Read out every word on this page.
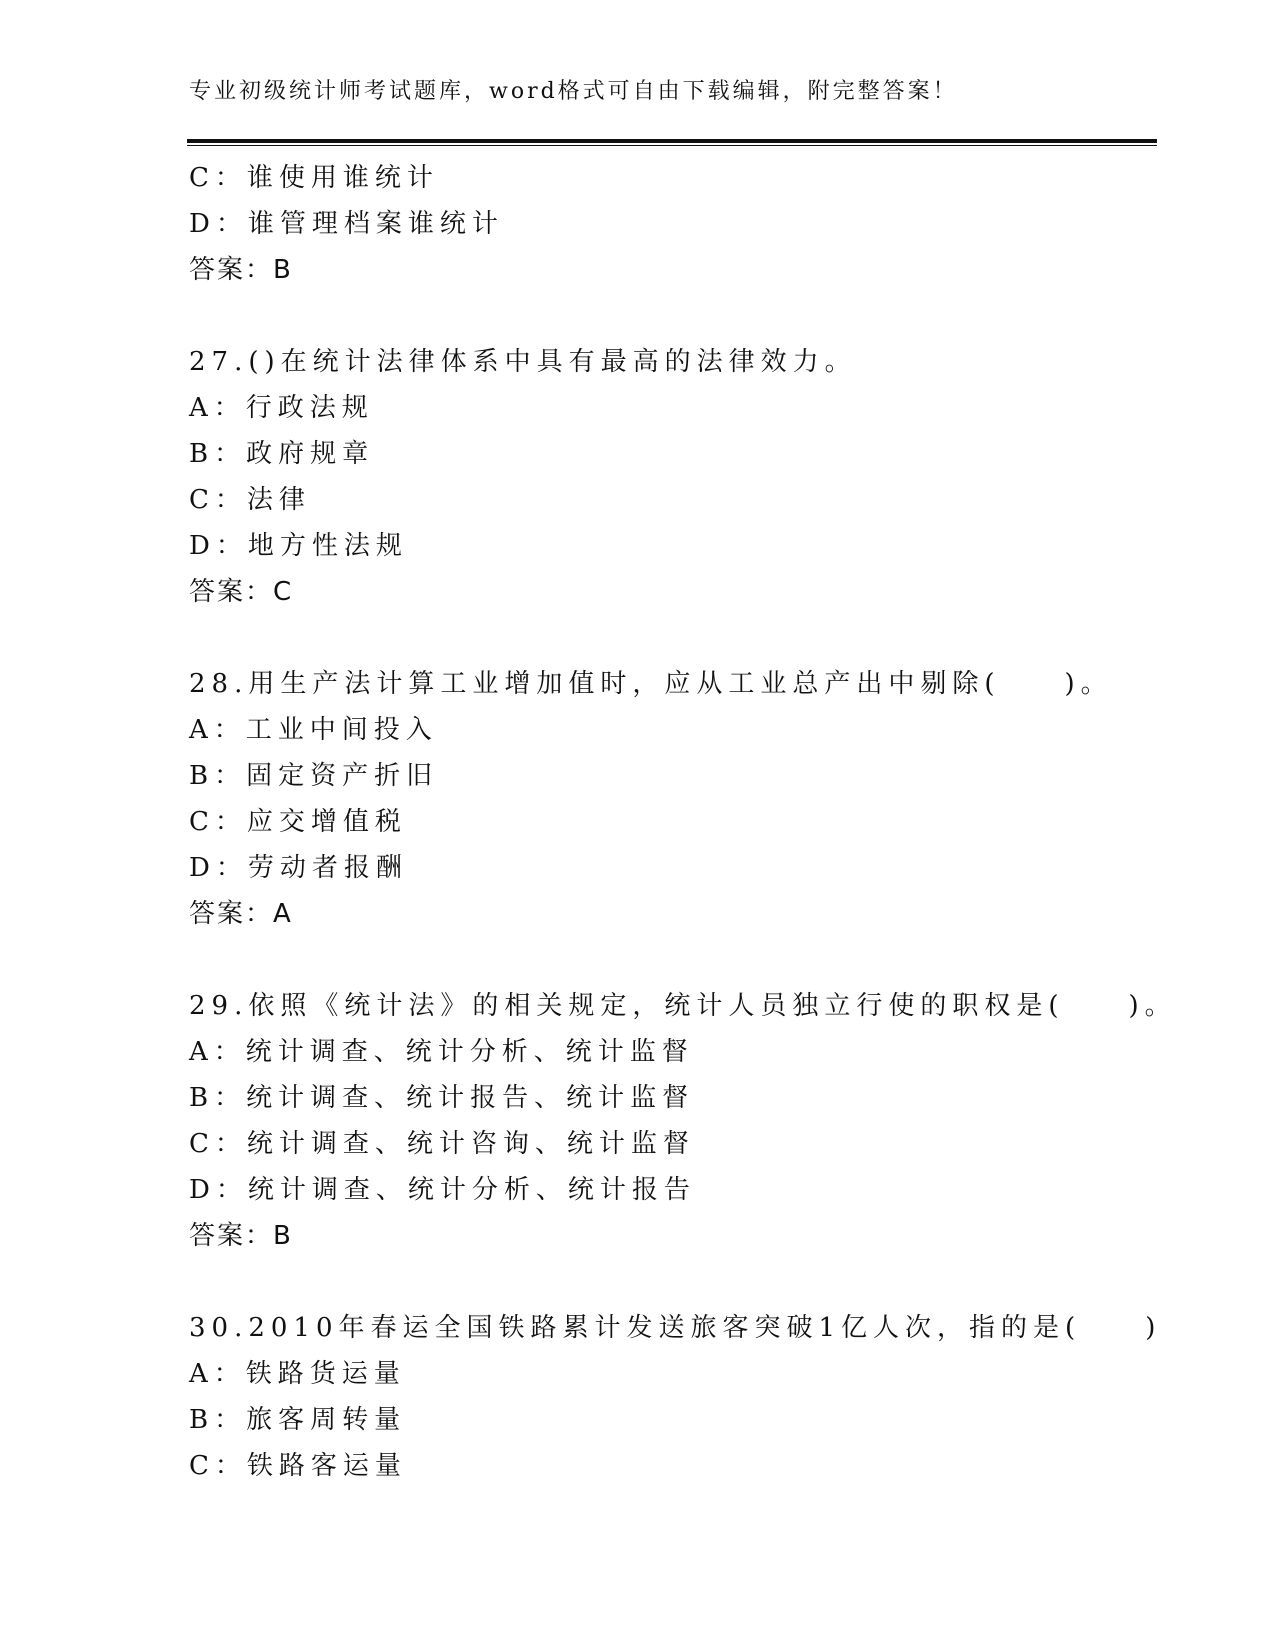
专业初级统计师考试题库，word格式可自由下载编辑，附完整答案！
C：谁使用谁统计
D：谁管理档案谁统计
答案：B
27.()在统计法律体系中具有最高的法律效力。
A：行政法规
B：政府规章
C：法律
D：地方性法规
答案：C
28.用生产法计算工业增加值时，应从工业总产出中剔除(　　)。
A：工业中间投入
B：固定资产折旧
C：应交增值税
D：劳动者报酬
答案：A
29.依照《统计法》的相关规定，统计人员独立行使的职权是(　　)。
A：统计调查、统计分析、统计监督
B：统计调查、统计报告、统计监督
C：统计调查、统计咨询、统计监督
D：统计调查、统计分析、统计报告
答案：B
30.2010年春运全国铁路累计发送旅客突破1亿人次，指的是(　　)
A：铁路货运量
B：旅客周转量
C：铁路客运量
